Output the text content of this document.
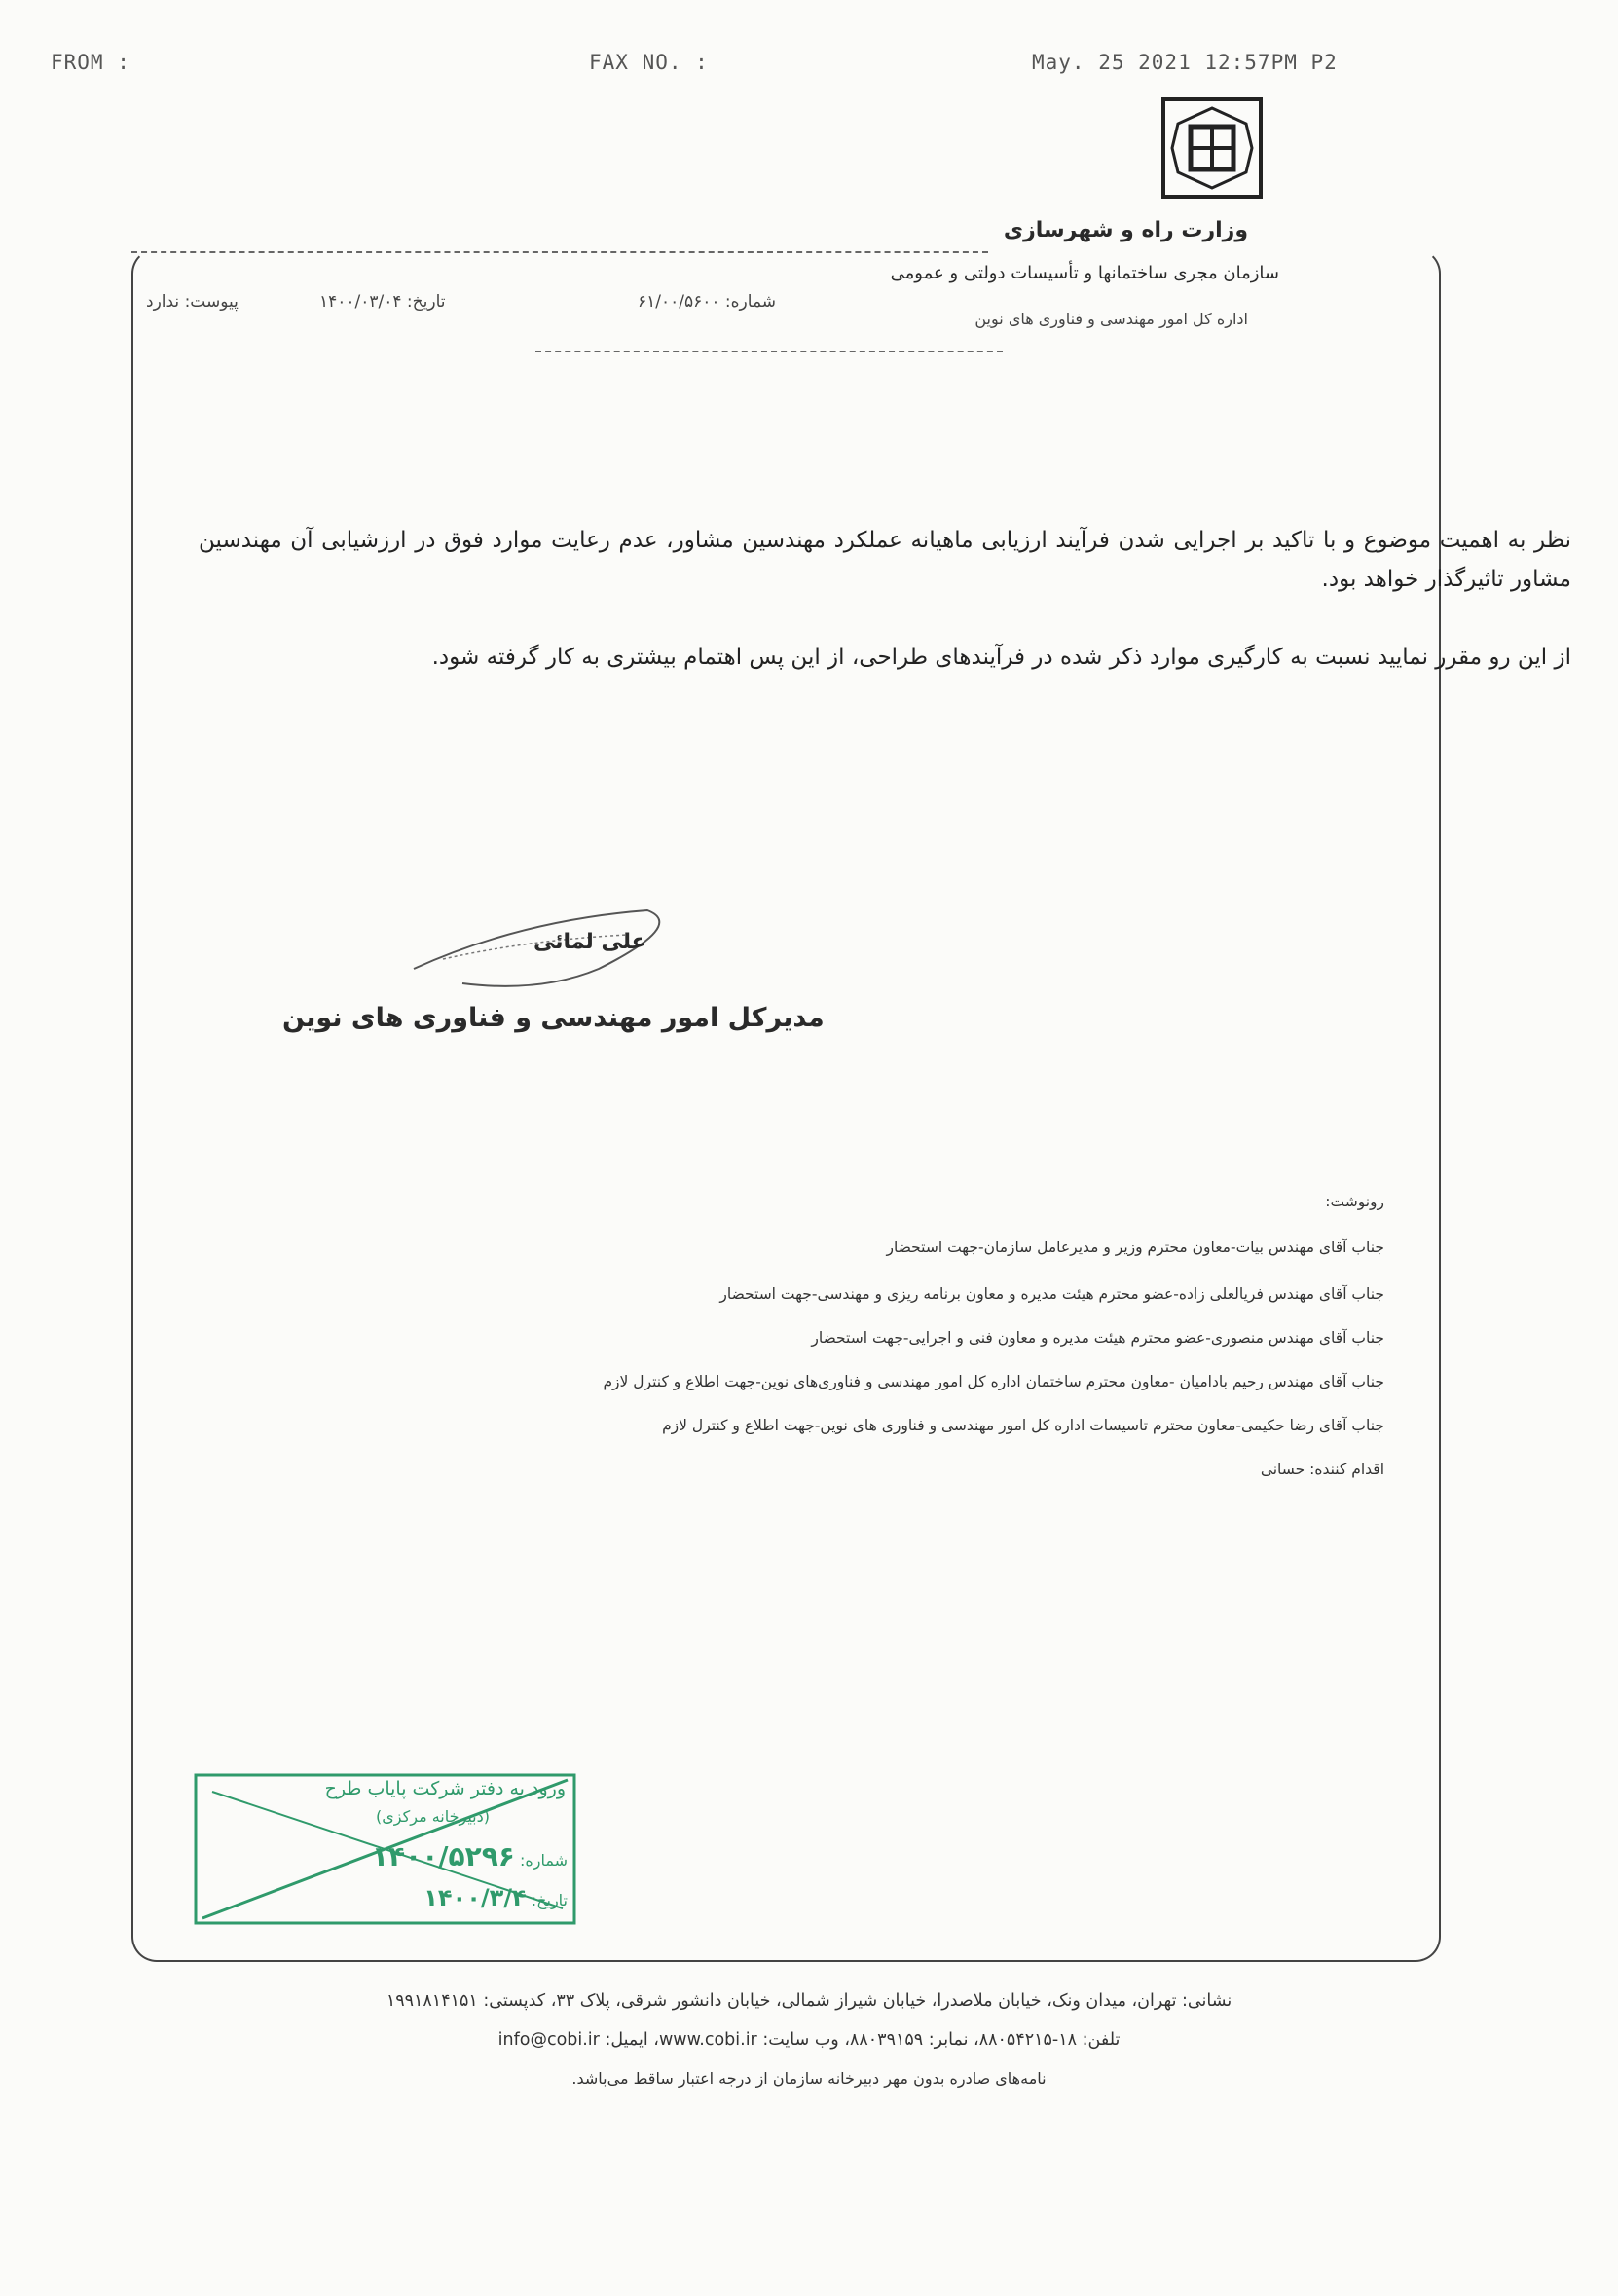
FROM :	FAX NO. :	May. 25 2021 12:57PM P2
وزارت راه و شهرسازی
سازمان مجری ساختمانها و تأسیسات دولتی و عمومی
اداره کل امور مهندسی و فناوری های نوین
شماره: ۶۱/۰۰/۵۶۰۰
تاریخ: ۱۴۰۰/۰۳/۰۴
پیوست: ندارد
نظر به اهمیت موضوع و با تاکید بر اجرایی شدن فرآیند ارزیابی ماهیانه عملکرد مهندسین مشاور، عدم رعایت موارد فوق در ارزشیابی آن مهندسین مشاور تاثیرگذار خواهد بود.
از این رو مقرر نمایید نسبت به کارگیری موارد ذکر شده در فرآیندهای طراحی، از این پس اهتمام بیشتری به کار گرفته شود.
علی لمائی
مدیرکل امور مهندسی و فناوری های نوین
رونوشت:
جناب آقای مهندس بیات-معاون محترم وزیر و مدیرعامل سازمان-جهت استحضار
جناب آقای مهندس فریالعلی زاده-عضو محترم هیئت مدیره و معاون برنامه ریزی و مهندسی-جهت استحضار
جناب آقای مهندس منصوری-عضو محترم هیئت مدیره و معاون فنی و اجرایی-جهت استحضار
جناب آقای مهندس رحیم بادامیان -معاون محترم ساختمان اداره کل امور مهندسی و فناوری‌های نوین-جهت اطلاع و کنترل لازم
جناب آقای رضا حکیمی-معاون محترم تاسیسات اداره کل امور مهندسی و فناوری های نوین-جهت اطلاع و کنترل لازم
اقدام کننده: حسانی
ورود به دفتر شرکت پایاب طرح
(دبیرخانه مرکزی)
شماره: ۱۴۰۰/۵۲۹۶
تاریخ: ۱۴۰۰/۳/۴
نشانی: تهران، میدان ونک، خیابان ملاصدرا، خیابان شیراز شمالی، خیابان دانشور شرقی، پلاک ۳۳، کدپستی: ۱۹۹۱۸۱۴۱۵۱
تلفن: ۱۸-۸۸۰۵۴۲۱۵، نمابر: ۸۸۰۳۹۱۵۹، وب سایت: www.cobi.ir، ایمیل: info@cobi.ir
نامه‌های صادره بدون مهر دبیرخانه سازمان از درجه اعتبار ساقط می‌باشد.
